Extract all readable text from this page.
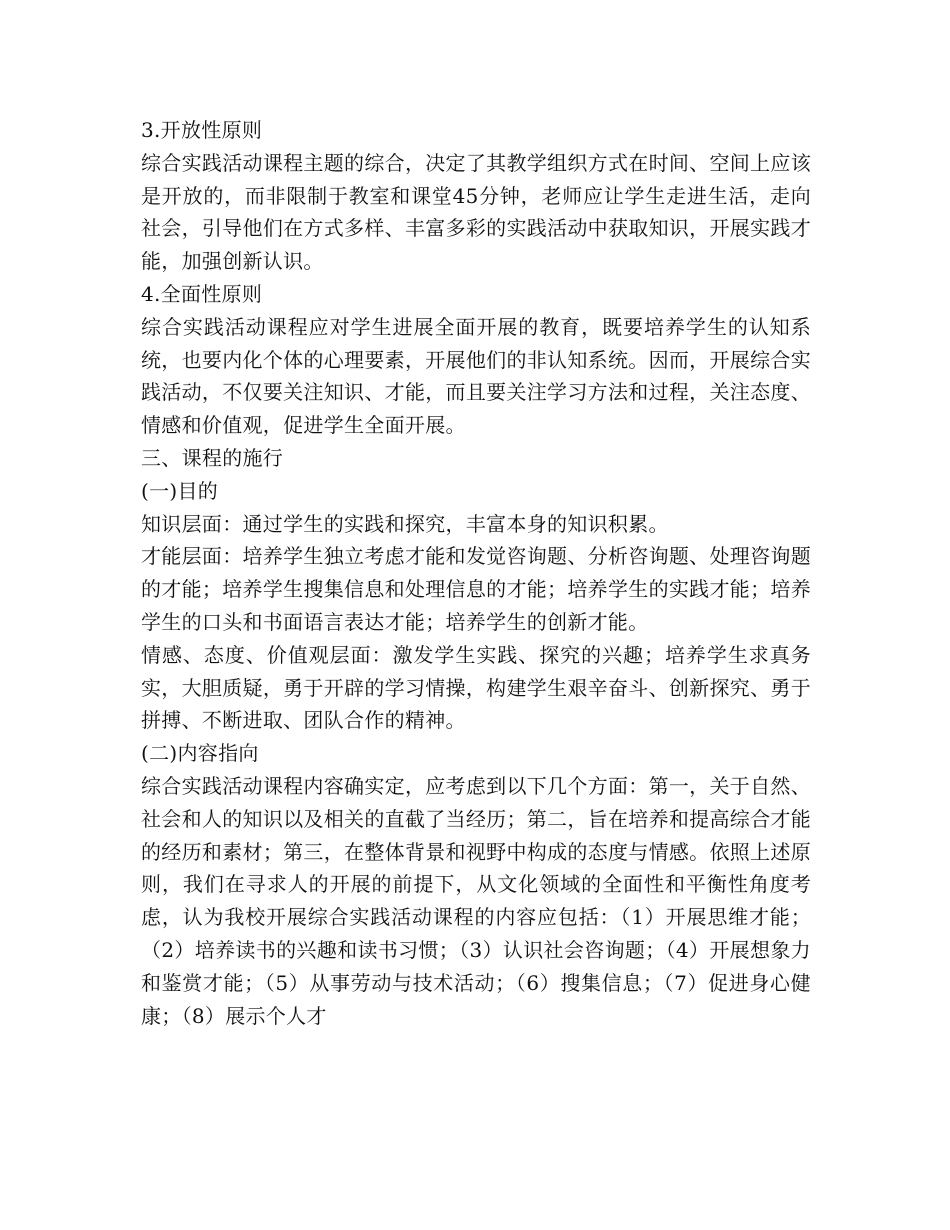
3.开放性原则

综合实践活动课程主题的综合，决定了其教学组织方式在时间、空间上应该是开放的，而非限制于教室和课堂45分钟，老师应让学生走进生活，走向社会，引导他们在方式多样、丰富多彩的实践活动中获取知识，开展实践才能，加强创新认识。

4.全面性原则

综合实践活动课程应对学生进展全面开展的教育，既要培养学生的认知系统，也要内化个体的心理要素，开展他们的非认知系统。因而，开展综合实践活动，不仅要关注知识、才能，而且要关注学习方法和过程，关注态度、情感和价值观，促进学生全面开展。

三、课程的施行

(一)目的

知识层面：通过学生的实践和探究，丰富本身的知识积累。

才能层面：培养学生独立考虑才能和发觉咨询题、分析咨询题、处理咨询题的才能；培养学生搜集信息和处理信息的才能；培养学生的实践才能；培养学生的口头和书面语言表达才能；培养学生的创新才能。

情感、态度、价值观层面：激发学生实践、探究的兴趣；培养学生求真务实，大胆质疑，勇于开辟的学习情操，构建学生艰辛奋斗、创新探究、勇于拼搏、不断进取、团队合作的精神。

(二)内容指向

综合实践活动课程内容确实定，应考虑到以下几个方面：第一，关于自然、社会和人的知识以及相关的直截了当经历；第二，旨在培养和提高综合才能的经历和素材；第三，在整体背景和视野中构成的态度与情感。依照上述原则，我们在寻求人的开展的前提下，从文化领域的全面性和平衡性角度考虑，认为我校开展综合实践活动课程的内容应包括：（1）开展思维才能；（2）培养读书的兴趣和读书习惯；（3）认识社会咨询题；（4）开展想象力和鉴赏才能；（5）从事劳动与技术活动；（6）搜集信息；（7）促进身心健康；（8）展示个人才
